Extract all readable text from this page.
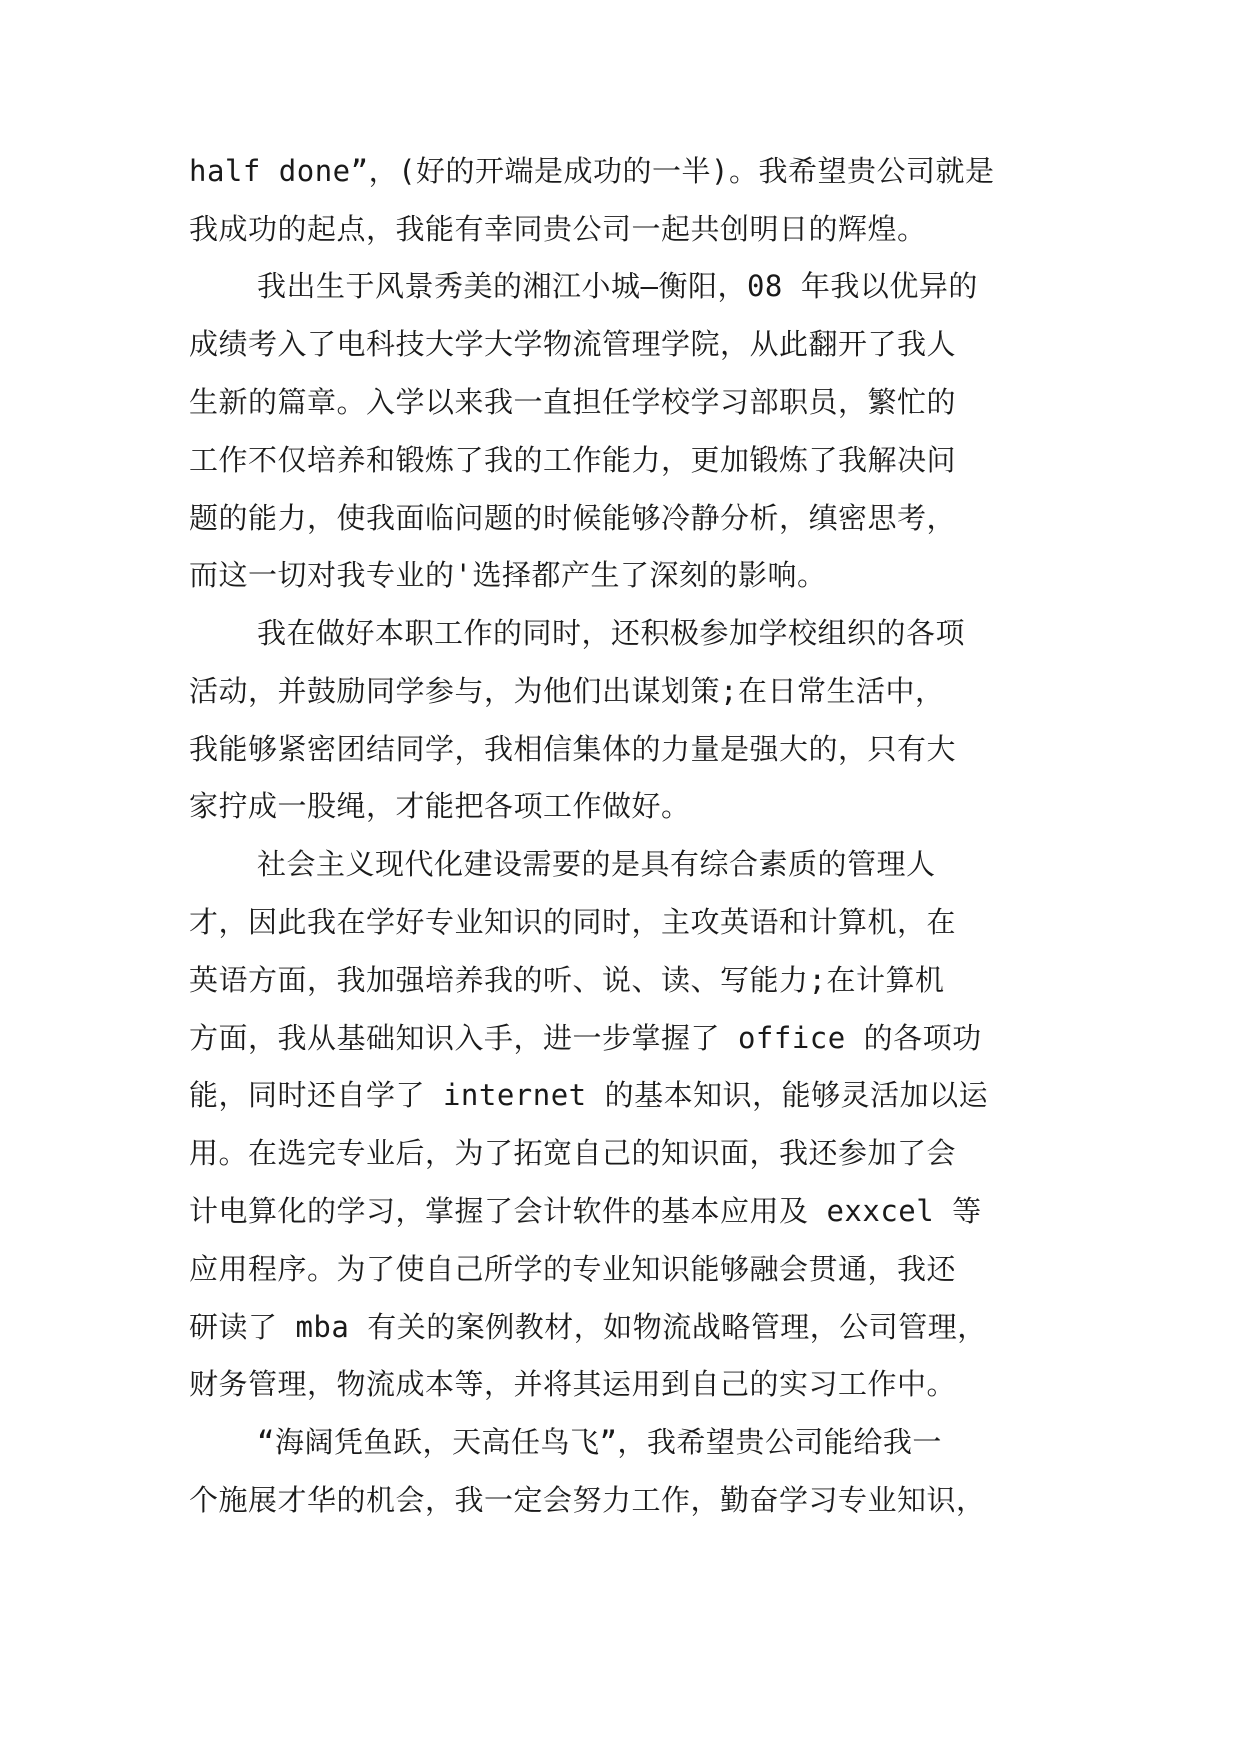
half done”，(好的开端是成功的一半)。我希望贵公司就是

我成功的起点，我能有幸同贵公司一起共创明日的辉煌。

我出生于风景秀美的湘江小城—衡阳，08 年我以优异的

成绩考入了电科技大学大学物流管理学院，从此翻开了我人

生新的篇章。入学以来我一直担任学校学习部职员，繁忙的

工作不仅培养和锻炼了我的工作能力，更加锻炼了我解决问

题的能力，使我面临问题的时候能够冷静分析，缜密思考，

而这一切对我专业的'选择都产生了深刻的影响。

我在做好本职工作的同时，还积极参加学校组织的各项

活动，并鼓励同学参与，为他们出谋划策;在日常生活中，

我能够紧密团结同学，我相信集体的力量是强大的，只有大

家拧成一股绳，才能把各项工作做好。

社会主义现代化建设需要的是具有综合素质的管理人

才，因此我在学好专业知识的同时，主攻英语和计算机，在

英语方面，我加强培养我的听、说、读、写能力;在计算机

方面，我从基础知识入手，进一步掌握了 office 的各项功

能，同时还自学了 internet 的基本知识，能够灵活加以运

用。在选完专业后，为了拓宽自己的知识面，我还参加了会

计电算化的学习，掌握了会计软件的基本应用及 exxcel 等

应用程序。为了使自己所学的专业知识能够融会贯通，我还

研读了 mba 有关的案例教材，如物流战略管理，公司管理，

财务管理，物流成本等，并将其运用到自己的实习工作中。

“海阔凭鱼跃，天高任鸟飞”，我希望贵公司能给我一

个施展才华的机会，我一定会努力工作，勤奋学习专业知识，
